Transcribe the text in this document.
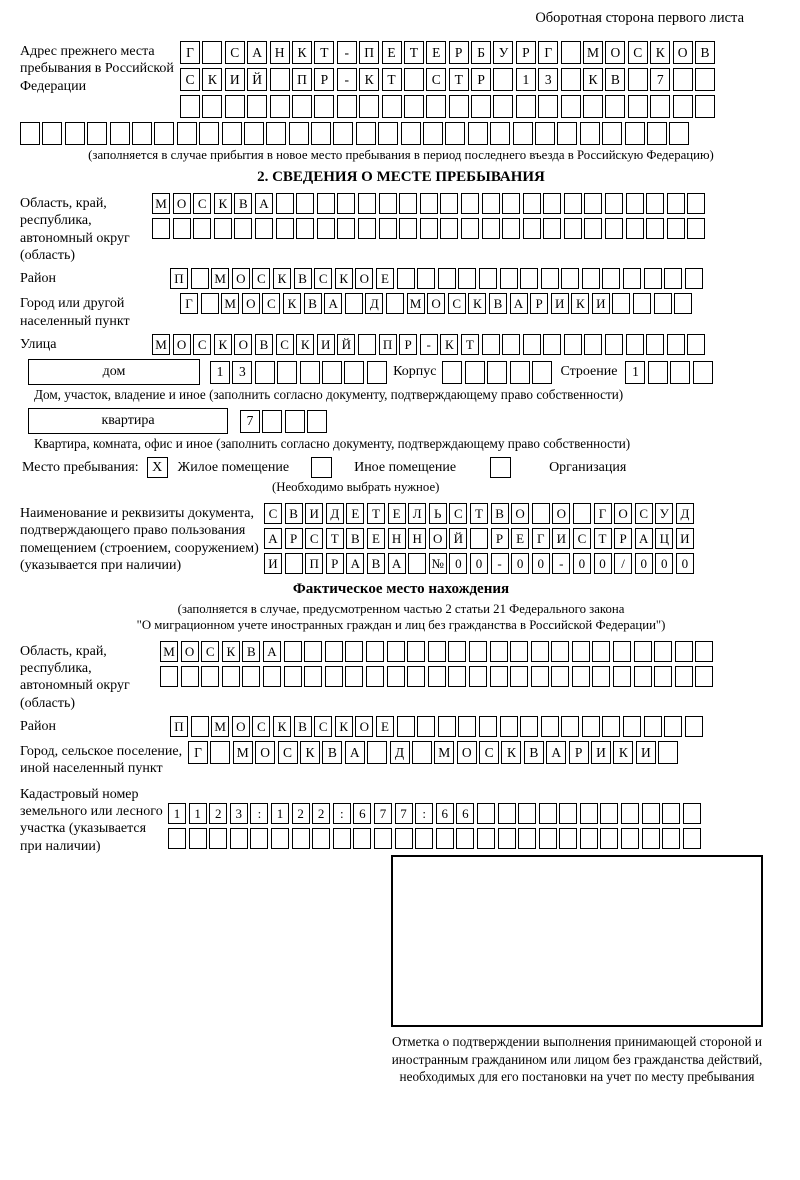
Оборотная сторона первого листа
Адрес прежнего места пребывания в Российской Федерации
Г	С А Н К	Т	-	П Е	Т	Е	Р	Б	У	Р	Г	М О С К О В
С К И Й	П	Р	-	К	Т	С	Т	Р	1	3	К В	7
(заполняется в случае прибытия в новое место пребывания в период последнего въезда в Российскую Федерацию)
2. СВЕДЕНИЯ О МЕСТЕ ПРЕБЫВАНИЯ
Область, край, республика, автономный округ (область)
М О С К В А
Район	П	М О С К В С К О Е
Город или другой населенный пункт
Г	М О С К В А	Д	М О С К В А Р И К И
Улица	М О С К О В С К И Й	П Р	-	К Т
дом	1	3	Корпус	Строение	1
Дом, участок, владение и иное (заполнить согласно документу, подтверждающему право собственности)
квартира	7
Квартира, комната, офис и иное (заполнить согласно документу, подтверждающему право собственности)
Место пребывания: X	Жилое помещение	Иное помещение	Организация
(Необходимо выбрать нужное)
Наименование и реквизиты документа, подтверждающего право пользования помещением (строением, сооружением) (указывается при наличии)
С В И Д Е Т Е Л Ь С Т В О	О	Г О С У Д
А Р С Т В Е Н Н О Й	Р	Е Г И С Т	Р А Ц И
И	П Р А В А	№ 0	0	-	0	0	-	0	0	/	0	0	0
Фактическое место нахождения
(заполняется в случае, предусмотренном частью 2 статьи 21 Федерального закона
"О миграционном учете иностранных граждан и лиц без гражданства в Российской Федерации")
Область, край, республика, автономный округ (область)
М О С К В А
Район	П	М О С К В С К О Е
Город, сельское поселение, иной населенный пункт
Г	М О С К В А	Д	М О С К В А	Р	И К И
Кадастровый номер земельного или лесного участка (указывается при наличии)
1	1	2	3	:	1	2	2	:	6	7	7	:	6	6
Отметка о подтверждении выполнения принимающей стороной и иностранным гражданином или лицом без гражданства действий, необходимых для его постановки на учет по месту пребывания
